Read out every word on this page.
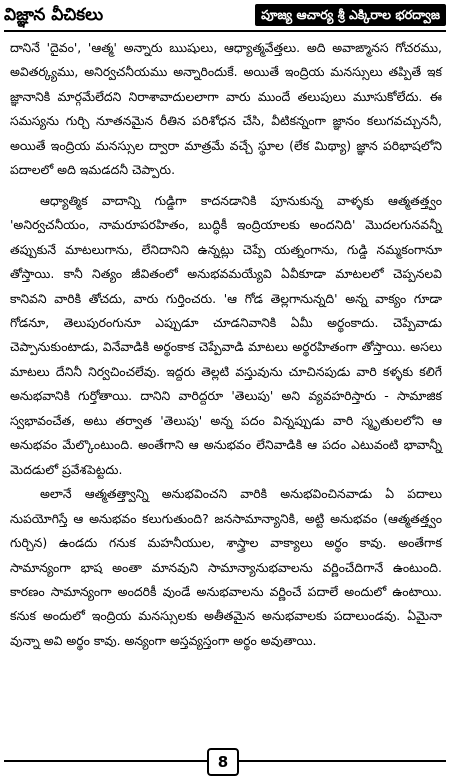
విజ్ఞాన వీచికలు	పూజ్య ఆచార్య శ్రీ ఎక్కిరాల భరద్వాజ

దానినే 'దైవం', 'ఆత్మ' అన్నారు ఋషులు, ఆధ్యాత్మవేత్తలు. అది అవాఙ్మానస గోచరము, అవితర్క్యము, అనిర్వచనీయము అన్నారిందుకే. అయితే ఇంద్రియ మనస్సులు తప్పితే ఇక జ్ఞానానికి మార్గమేలేదని నిరాశావాదులలాగా వారు ముందే తలుపులు మూసుకోలేదు. ఈ సమస్యను గుర్చి నూతనమైన రీతిన పరిశోధన చేసి, వీటికన్నంగా జ్ఞానం కలుగవచ్చుననీ, అయితే ఇంద్రియ మనస్సుల ద్వారా మాత్రమే వచ్చే స్థూల (లేక మిథ్యా) జ్ఞాన పరిభాషలోని పదాలలో అది ఇమడదనీ చెప్పారు.

ఆధ్యాత్మిక వాదాన్ని గుడ్డిగా కాదనడానికి పూనుకున్న వాళ్ళకు ఆత్మతత్త్వం 'అనిర్వచనీయం, నామరూపరహితం, బుద్ధికీ ఇంద్రియాలకు అందనిది' మొదలగునవన్నీ తప్పుకునే మాటలుగాను, లేనిదానిని ఉన్నట్లు చెప్పే యత్నంగాను, గుడ్డి నమ్మకంగానూ తోస్తాయి. కానీ నిత్యం జీవితంలో అనుభవమయ్యేవి ఏవీకూడా మాటలలో చెప్పనలవి కానివని వారికి తోచదు, వారు గుర్తించరు. 'ఆ గోడ తెల్లగానున్నది' అన్న వాక్యం గూడా గోడనూ, తెలుపురంగునూ ఎప్పుడూ చూడనివానికి ఏమీ అర్థంకాదు. చెప్పేవాడు చెప్పానుకుంటాడు, వినేవాడికి అర్థంకాక చెప్పేవాడి మాటలు అర్థరహితంగా తోస్తాయి. అసలు మాటలు దేనినీ నిర్వచించలేవు. ఇద్దరు తెల్లటి వస్తువును చూచినపుడు వారి కళ్ళకు కలిగే అనుభవానికి గుర్తోతాయి. దానిని వారిద్దరూ 'తెలుపు' అని వ్యవహరిస్తారు - సామాజిక స్వభావంచేత, అటు తర్వాత 'తెలుపు' అన్న పదం విన్నప్పుడు వారి స్మృతులలోని ఆ అనుభవం మేల్కొంటుంది. అంతేగాని ఆ అనుభవం లేనివాడికి ఆ పదం ఎటువంటి భావాన్నీ మెదడులో ప్రవేశపెట్టదు.

అలానే ఆత్మతత్త్వాన్ని అనుభవించని వారికి అనుభవించినవాడు ఏ పదాలు నుపయోగిస్తే ఆ అనుభవం కలుగుతుంది? జనసామాన్యానికి, అట్టి అనుభవం (ఆత్మతత్త్వం గుర్చిన) ఉండదు గనుక మహనీయుల, శాస్త్రాల వాక్యాలు అర్థం కావు. అంతేగాక సామాన్యంగా భాష అంతా మానవుని సామాన్యానుభవాలను వర్ణించేదిగానే ఉంటుంది. కారణం సామాన్యంగా అందరికీ వుండే అనుభవాలను వర్ణించే పదాలే అందులో ఉంటాయి. కనుక అందులో ఇంద్రియ మనస్సులకు అతీతమైన అనుభవాలకు పదాలుండవు. ఏమైనా వున్నా అవి అర్థం కావు. అన్యంగా అస్తవ్యస్తంగా అర్థం అవుతాయి.

8
